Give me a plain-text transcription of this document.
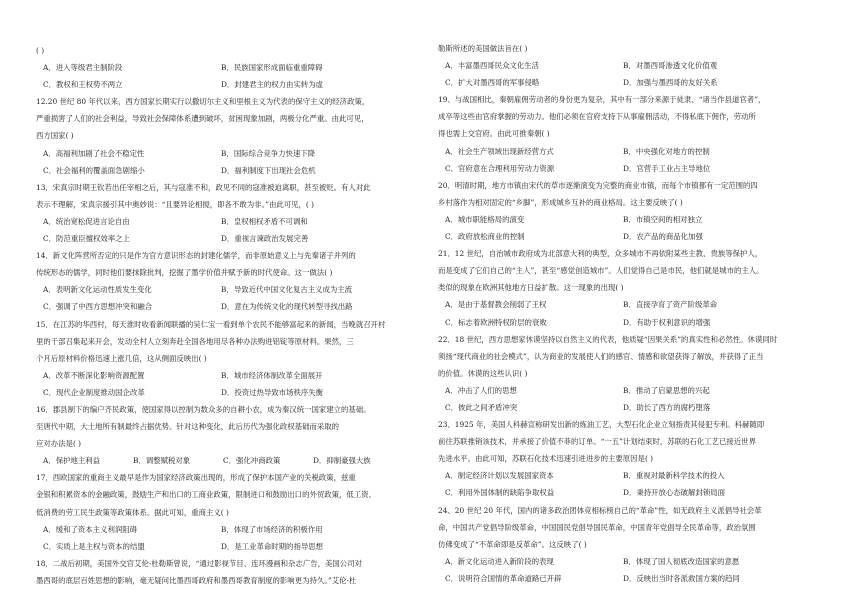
( )
A．进入等级君主制阶段	B．民族国家形成面临重重障碍
C．教权和王权势不两立	D．封建君主的权力由实转为虚
12.20 世纪 80 年代以来，西方国家长期实行以撒切尔主义和里根主义为代表的保守主义的经济政策，
严重损害了人们的社会利益，导致社会保障体系遭到破坏，贫困现象加剧，两极分化严重。由此可见，
西方国家( )
A．高福利加剧了社会不稳定性	B．国际综合竞争力快速下降
C．社会福利的覆盖面急剧缩小	D．福利制度下出现社会危机
13．宋真宗时期王钦若出任宰相之后，其与寇准不和，政见不同的寇准被迫离职，甚至被贬。有人对此
表示不理解，宋真宗援引其中奥妙说：“且要异论相搅，即各不敢为非。”由此可见，( )
A．统治宽松促进言论自由	B．皇权相权矛盾不可调和
C．防范重臣擅权效率之上	D．重视言谏政治发展完善
14．新文化阵营所否定的只是作为官方意识形态的封建化儒学，而非原始意义上与先秦诸子并列的
传统形态的儒学，同时他们要抹除批判，挖掘了墨学价值并赋予新的时代使命。这一做法( )
A．表明新文化运动性质发生变化	B．导致近代中国文化复古主义成为主流
C．强调了中西方思想冲突和融合	D．意在为传统文化的现代转型寻找出路
15．在江苏的华西村，每天淮时收看新闻联播的吴仁宝一看到单个农民不能够富起来的新闻，当晚就召开村
里的干部召集起来开会，发动全村人立刻奔赴全国各地用尽各种办法购进铝锭等原材料。果然，三
个月后原材料价格迅速上涨几倍，这从侧面反映出( )
A．改革不断深化影响资源配置	B．城市经济体制改革全面展开
C．现代企业制度推动国企改革	D．投资过热导致市场秩序失衡
16．郡县制下的编户齐民政策，使国家得以控制为数众多的自耕小农，成为秦汉统一国家建立的基础。
至唐代中期，大土地所有制最终占据优势。针对这种变化，此后历代为强化政权基础而采取的
应对办法是( )
A．保护地主利益	B．调整赋税对象	C．强化冲商政策	D．抑制豪强大族
17．西欧国家的重商主义最早是作为国家经济政策出现的，形成了保护本国产业的关税政策，兹重
金银和积累资本的金融政策，鼓励生产和出口的工商业政策，限制进口和鼓励出口的外贸政策，低工资、
低消费的劳工民生政策等政策体系。据此可知，重商主义( )
A．缓和了资本主义利润阻碍	B．体现了市场经济的积极作用
C．实质上是主权与资本的结盟	D．是工业革命时期的指导思想
18．二战后初期，美国外交官艾伦·杜勒斯曾说，“通过影视节目、连环漫画和杂志广告，美国公司对
墨西哥的底层百姓思想的影响，毫无疑问比墨西哥政府和墨西哥教育制度的影响更为持久。”艾伦·杜
勒斯所述的美国做法旨在( )
A．丰富墨西哥民众文化生活	B．对墨西哥渗透文化价值观
C．扩大对墨西哥的军事侵略	D．加强与墨西哥的友好关系
19、与战国相比，秦朝雇佣劳动者的身份更为复杂，其中有一部分来源于徒隶、“诸当作县道官者”，
成卒等这些由官府掌握的劳动力。他们必须在官府支持下从事雇佣活动，不得私底下佣作，劳动所
得也需上交官府。由此可推秦朝( )
A．社会生产领域出现新经营方式	B．中央强化对地方的控制
C．官府意在合理利用劳动力资源	D．官营手工业占主导地位
20．明清时期，地方市镇由宋代的草市逐渐演变为完整的商业市镇，而每个市镇都有一定范围的四
乡村落作为相对固定的“乡脚”，形成城乡互补的商业格局。这主要反映了( )
A．城市职能格局的演变	B．市镇空间的相对独立
C．政府放松商业的控制	D．农产品的商品化加强
21．12 世纪，自治城市政府成为北部意大利的典型，众多城市不再依附某些主教、贵族等保护人，
而是变成了它们自己的“主人”，甚至“感觉创造城市”。人们觉得自己是市民，他们就是城市的主人。
类似的现象在欧洲其他地方日益扩散。这一现象的出现( )
A．是由于基督教会削弱了王权	B．直接孕育了资产阶级革命
C．标志着欧洲特权阶层的衰败	D．有助于权利意识的增强
22．18 世纪，西方思想家休谟坚持以自然主义的代表，他质疑“因果关系”的真实性和必然性。休谟同时
须扬“现代商业的社会模式”，认为商业的发展使人们的感官、情感和欲望获得了解放，并获得了正当
的价值。休谟的这些认识( )
A．冲击了人们的思想	B．推动了启蒙思想的兴起
C．彼此之间矛盾冲突	D．助长了西方的腐朽堕落
23、1925 年，美国人科赫宣称研发出新的炼油工艺，大型石化企业立刻指责其侵犯专利。科赫随即
前往苏联推销该技术，并承接了价值不菲的订单。“一五”计划结束时，苏联的石化工艺已接近世界
先进水平。由此可知，苏联石化技术迅速引进进步的主要原因是( )
A．制定经济计划以发展国家资本	B．重视对最新科学技术的投入
C．利用外国体制的缺陷争取权益	D．秉持开放心态破解封锁局面
24、20 世纪 20 年代，国内的诸多政治团体竞相标榜自己的“革命”性，如无政府主义派倡导社会革
命，中国共产党倡导阶级革命，中国国民党倡导国民革命，中国青年党倡导全民革命等，政治氛围
仿佛变成了“不革命即是反革命”。这反映了( )
A．新文化运动进入新阶段的表现	B．体现了国人彻底改造国家的意愿
C．说明符合国情的革命道路已开辟	D．反映出当时各派救国方案的趋同
